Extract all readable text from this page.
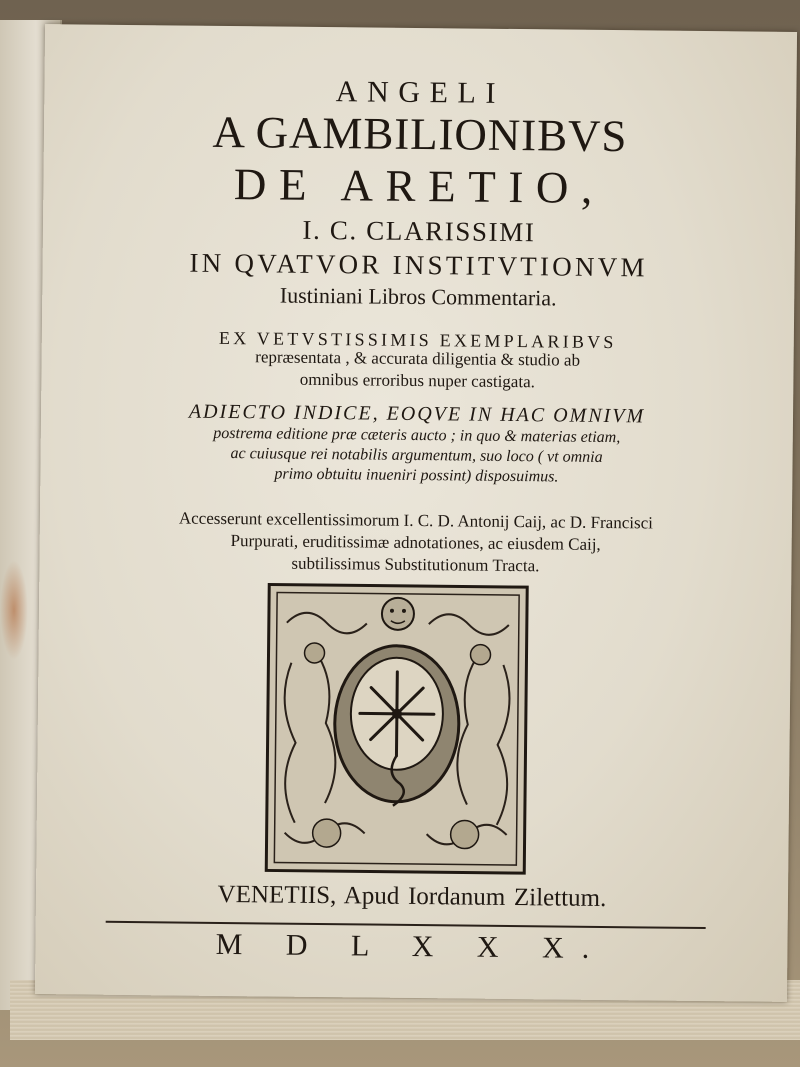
ANGELI
A GAMBILIONIBVS
DE ARETIO,
I. C. CLARISSIMI
IN QVATVOR INSTITVTIONVM
Iustiniani Libros Commentaria.
EX VETVSTISSIMIS EXEMPLARIBVS
repræsentata , & accurata diligentia & studio ab
omnibus erroribus nuper castigata.
ADIECTO INDICE, EOQVE IN HAC OMNIVM
postrema editione præ cæteris aucto ; in quo & materias etiam,
ac cuiusque rei notabilis argumentum, suo loco ( vt omnia
primo obtuitu inueniri possint) disposuimus.
Accesserunt excellentissimorum I. C. D. Antonij Caij, ac D. Francisci
Purpurati, eruditissimæ adnotationes, ac eiusdem Caij,
subtilissimus Substitutionum Tracta.
VENETIIS, Apud Iordanum Zilettum.
M D L X X X.
